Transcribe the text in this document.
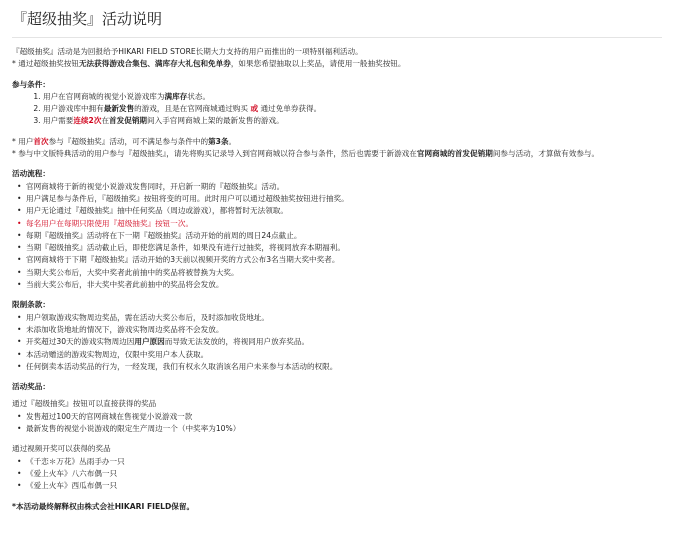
『超级抽奖』活动说明

『超级抽奖』活动是为回报给予HIKARI FIELD STORE长期大力支持的用户而推出的一项特别福利活动。

* 通过超级抽奖按钮无法获得游戏合集包、满库存大礼包和免单券，如果您希望抽取以上奖品，请使用一般抽奖按钮。

参与条件：

1. 用户在官网商城的视觉小说游戏库为满库存状态。
2. 用户游戏库中拥有最新发售的游戏，且是在官网商城通过购买 或 通过免单券获得。
3. 用户需要连续2次在首发促销期间入手官网商城上架的最新发售的游戏。

* 用户首次参与『超级抽奖』活动，可不满足参与条件中的第3条。

* 参与中文版特典活动的用户参与『超级抽奖』，请先将购买记录导入到官网商城以符合参与条件，然后也需要于新游戏在官网商城的首发促销期间参与活动，才算做有效参与。

活动流程：

• 官网商城将于新的视觉小说游戏发售同时，开启新一期的『超级抽奖』活动。
• 用户满足参与条件后，『超级抽奖』按钮将变的可用。此时用户可以通过超级抽奖按钮进行抽奖。
• 用户无论通过『超级抽奖』抽中任何奖品（周边或游戏），都将暂时无法领取。
• 每名用户在每期只限使用『超级抽奖』按钮一次。
• 每期『超级抽奖』活动将在下一期『超级抽奖』活动开始的前周的周日24点截止。
• 当期『超级抽奖』活动截止后，即使您满足条件，如果没有进行过抽奖，将视同放弃本期福利。
• 官网商城将于下期『超级抽奖』活动开始的3天前以视频开奖的方式公布3名当期大奖中奖者。
• 当期大奖公布后，大奖中奖者此前抽中的奖品将被替换为大奖。
• 当前大奖公布后，非大奖中奖者此前抽中的奖品将会发放。

限制条款：

• 用户领取游戏实物周边奖品，需在活动大奖公布后，及时添加收货地址。
• 未添加收货地址的情况下，游戏实物周边奖品将不会发放。
• 开奖超过30天的游戏实物周边因用户原因而导致无法发放的，将视同用户放弃奖品。
• 本活动赠送的游戏实物周边，仅限中奖用户本人获取。
• 任何倒卖本活动奖品的行为，一经发现，我们有权永久取消该名用户未来参与本活动的权限。

活动奖品：

通过『超级抽奖』按钮可以直接获得的奖品

• 发售超过100天的官网商城在售视觉小说游戏一款
• 最新发售的视觉小说游戏的限定生产周边一个（中奖率为10%）

通过视频开奖可以获得的奖品

• 《千恋＊万花》丛雨手办一只
• 《爱上火车》八六布偶一只
• 《爱上火车》西瓜布偶一只

*本活动最终解释权由株式会社HIKARI FIELD保留。
